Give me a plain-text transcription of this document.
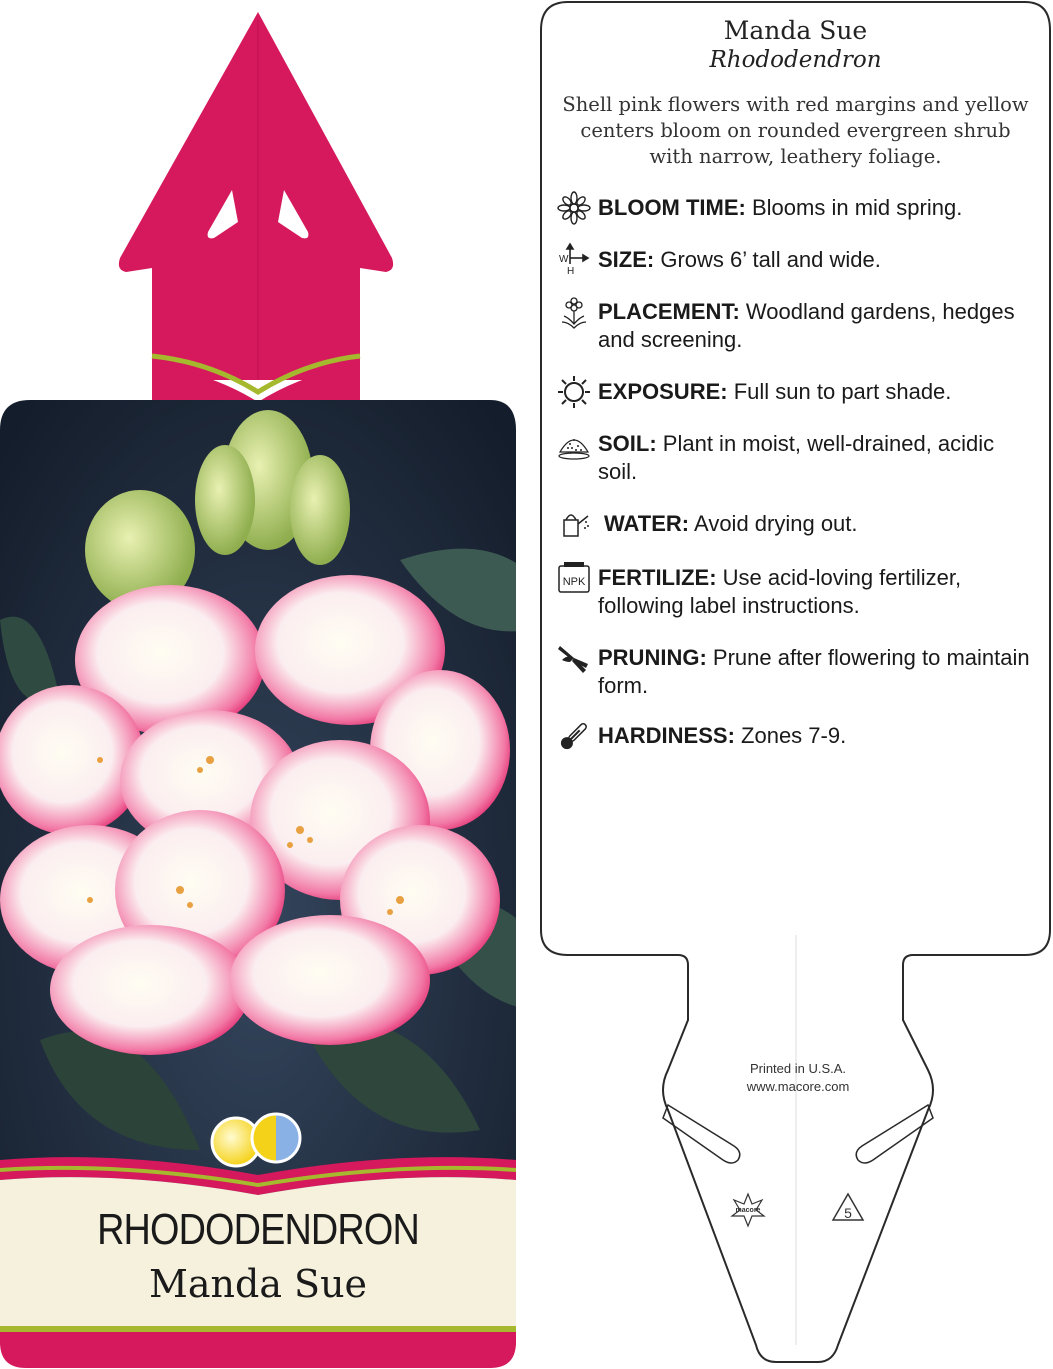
RHODODENDRON
Manda Sue
macore	5
Manda Sue
Rhododendron
Shell pink flowers with red margins and yellow centers bloom on rounded evergreen shrub with narrow, leathery foliage.
BLOOM TIME: Blooms in mid spring.
W
H SIZE: Grows 6’ tall and wide.
PLACEMENT: Woodland gardens, hedges and screening.
EXPOSURE: Full sun to part shade.
SOIL: Plant in moist, well-drained, acidic soil.
WATER: Avoid drying out.
NPK FERTILIZE: Use acid-loving fertilizer, following label instructions.
PRUNING: Prune after flowering to maintain form.
HARDINESS: Zones 7-9.
Printed in U.S.A.
www.macore.com
